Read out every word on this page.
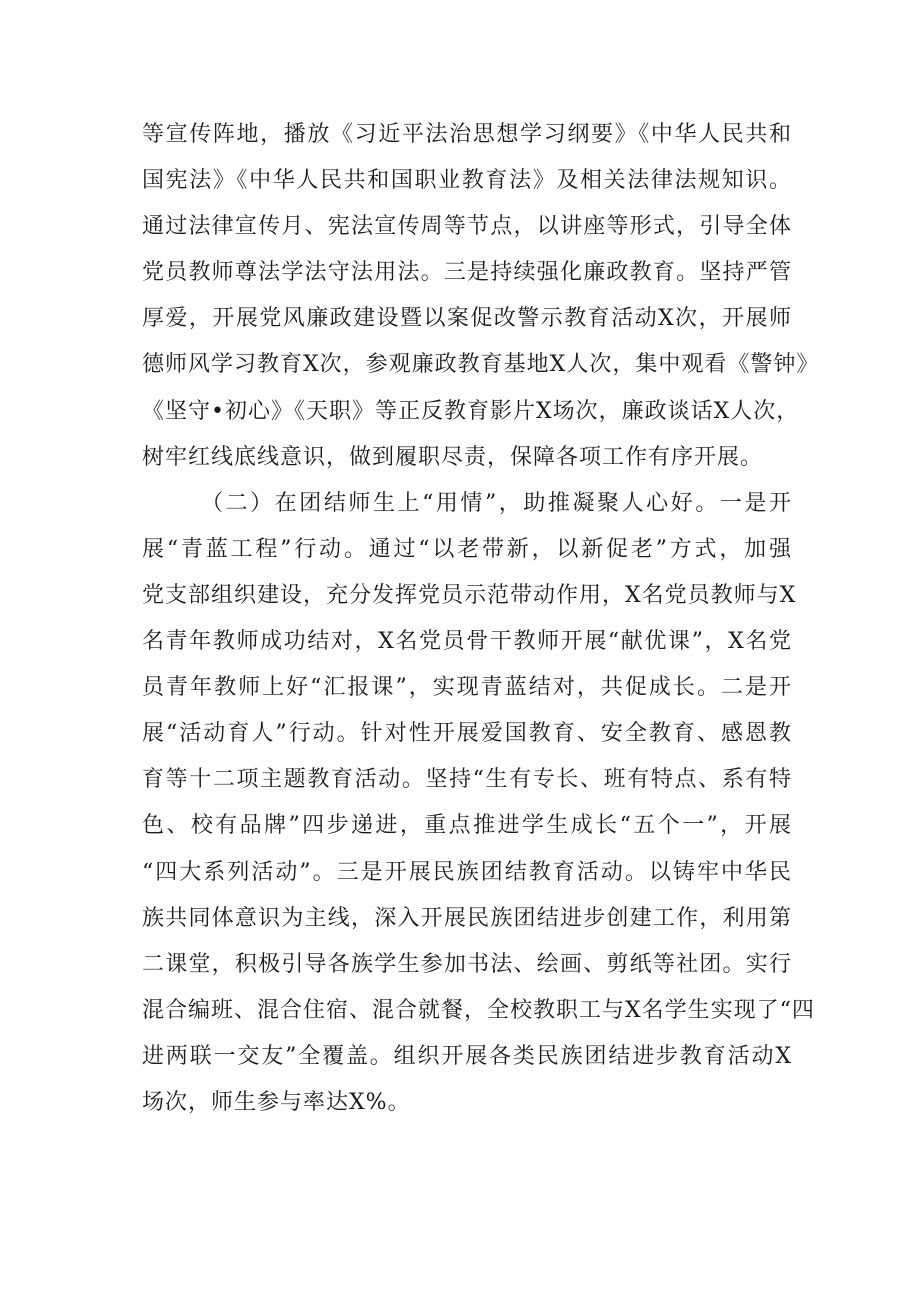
等宣传阵地，播放《习近平法治思想学习纲要》《中华人民共和
国宪法》《中华人民共和国职业教育法》及相关法律法规知识。
通过法律宣传月、宪法宣传周等节点，以讲座等形式，引导全体
党员教师尊法学法守法用法。三是持续强化廉政教育。坚持严管
厚爱，开展党风廉政建设暨以案促改警示教育活动X次，开展师
德师风学习教育X次，参观廉政教育基地X人次，集中观看《警钟》
《坚守•初心》《天职》等正反教育影片X场次，廉政谈话X人次，
树牢红线底线意识，做到履职尽责，保障各项工作有序开展。
（二）在团结师生上“用情”，助推凝聚人心好。一是开
展“青蓝工程”行动。通过“以老带新，以新促老”方式，加强
党支部组织建设，充分发挥党员示范带动作用，X名党员教师与X
名青年教师成功结对，X名党员骨干教师开展“献优课”，X名党
员青年教师上好“汇报课”，实现青蓝结对，共促成长。二是开
展“活动育人”行动。针对性开展爱国教育、安全教育、感恩教
育等十二项主题教育活动。坚持“生有专长、班有特点、系有特
色、校有品牌”四步递进，重点推进学生成长“五个一”，开展
“四大系列活动”。三是开展民族团结教育活动。以铸牢中华民
族共同体意识为主线，深入开展民族团结进步创建工作，利用第
二课堂，积极引导各族学生参加书法、绘画、剪纸等社团。实行
混合编班、混合住宿、混合就餐，全校教职工与X名学生实现了“四
进两联一交友”全覆盖。组织开展各类民族团结进步教育活动X
场次，师生参与率达X%。
